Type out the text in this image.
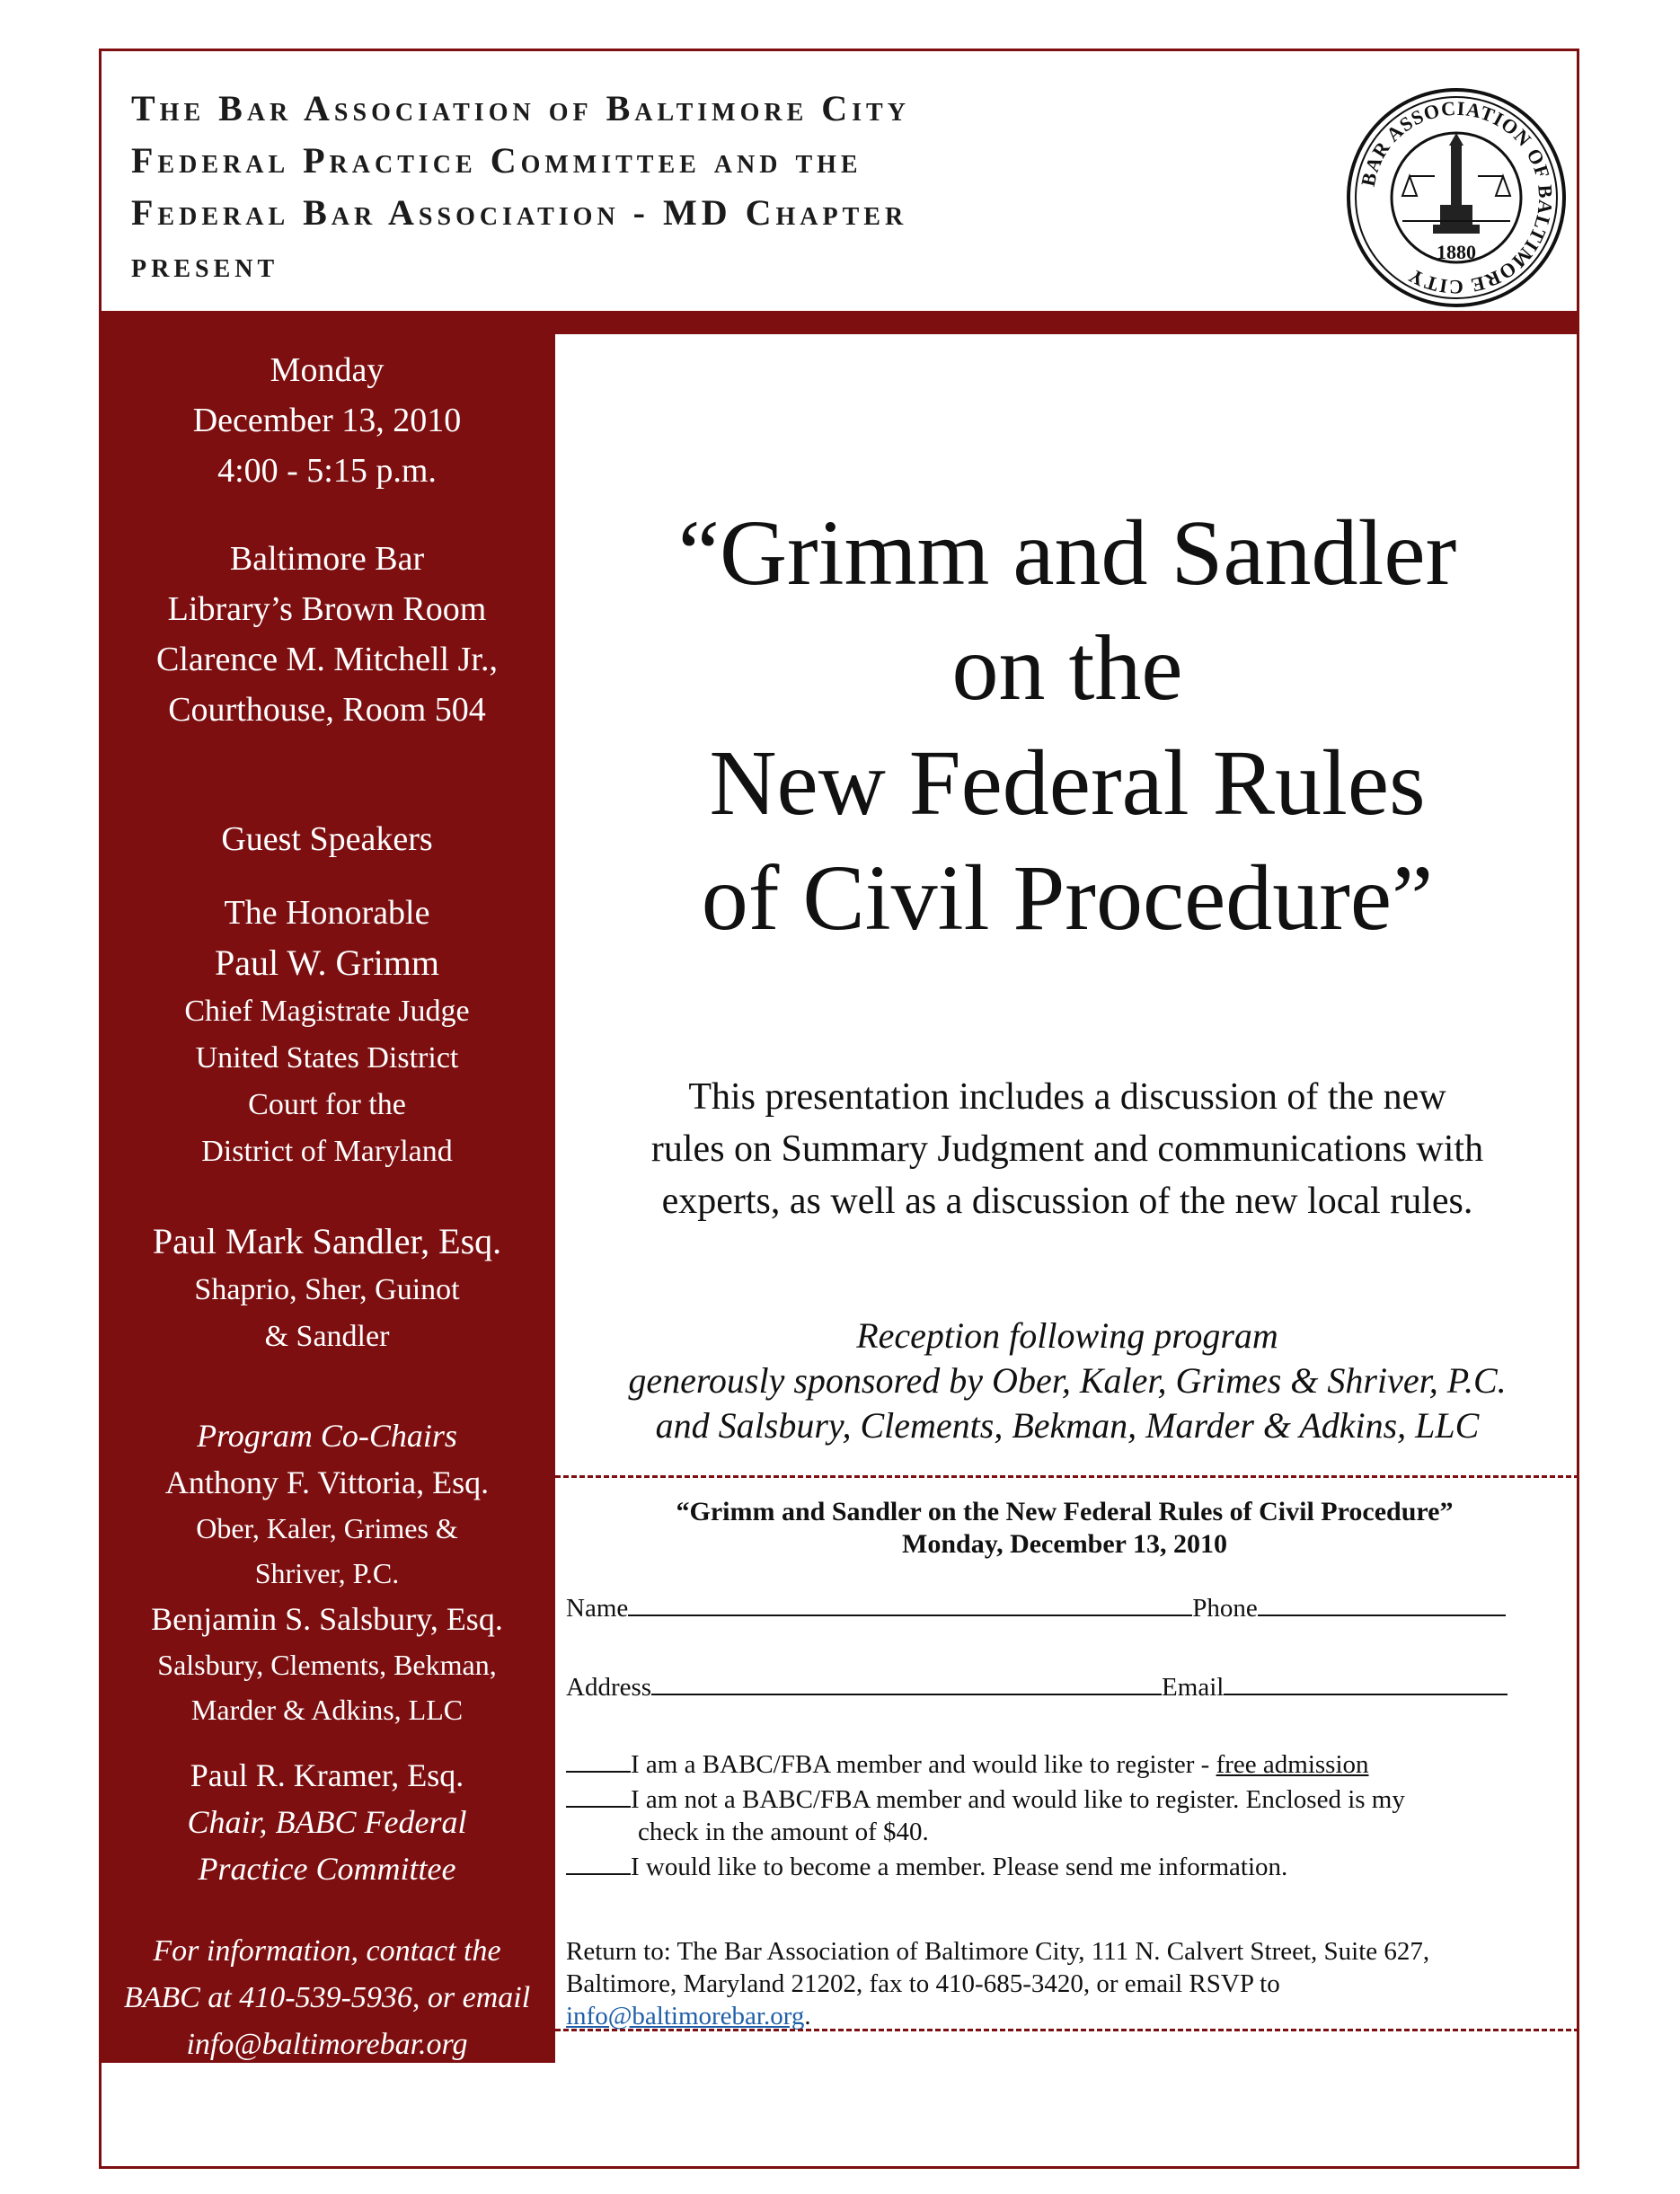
The Bar Association of Baltimore City
Federal Practice Committee and the
Federal Bar Association - MD Chapter
present
BAR ASSOCIATION OF BALTIMORE CITY
1880

Monday

December 13, 2010

4:00 - 5:15 p.m.

Baltimore Bar

Library’s Brown Room

Clarence M. Mitchell Jr.,

Courthouse, Room 504

Guest Speakers

The Honorable

Paul W. Grimm

Chief Magistrate Judge

United States District

Court for the

District of Maryland

Paul Mark Sandler, Esq.

Shaprio, Sher, Guinot

& Sandler

Program Co-Chairs

Anthony F. Vittoria, Esq.

Ober, Kaler, Grimes &

Shriver, P.C.

Benjamin S. Salsbury, Esq.

Salsbury, Clements, Bekman,

Marder & Adkins, LLC

Paul R. Kramer, Esq.

Chair, BABC Federal

Practice Committee

For information, contact the

BABC at 410-539-5936, or email

info@baltimorebar.org

“Grimm and Sandler
on the
New Federal Rules
of Civil Procedure”
This presentation includes a discussion of the new
rules on Summary Judgment and communications with
experts, as well as a discussion of the new local rules.
Reception following program
generously sponsored by Ober, Kaler, Grimes & Shriver, P.C.
and Salsbury, Clements, Bekman, Marder & Adkins, LLC
“Grimm and Sandler on the New Federal Rules of Civil Procedure”
Monday, December 13, 2010
Name	Phone
Address	Email
I am a BABC/FBA member and would like to register - free admission
I am not a BABC/FBA member and would like to register. Enclosed is my
check in the amount of $40.
I would like to become a member. Please send me information.
Return to: The Bar Association of Baltimore City, 111 N. Calvert Street, Suite 627,
Baltimore, Maryland 21202, fax to 410-685-3420, or email RSVP to
info@baltimorebar.org.
